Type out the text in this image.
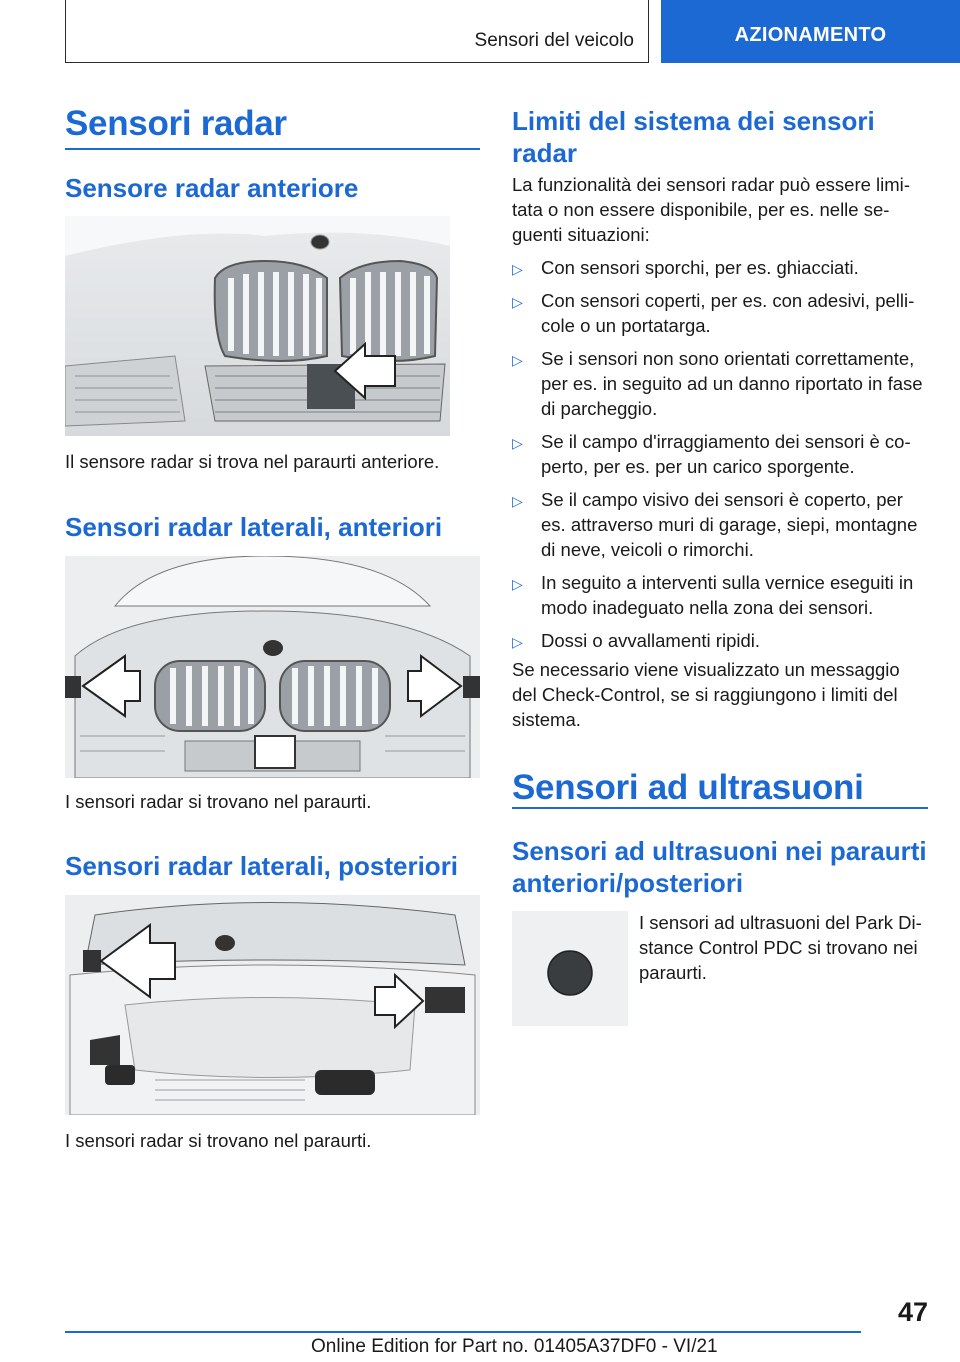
Sensori del veicolo	AZIONAMENTO
Sensori radar
Sensore radar anteriore
Il sensore radar si trova nel paraurti anteriore.
Sensori radar laterali, anteriori
I sensori radar si trovano nel paraurti.
Sensori radar laterali, posteriori
I sensori radar si trovano nel paraurti.
Limiti del sistema dei sensori radar
La funzionalità dei sensori radar può essere limitata o non essere disponibile, per es. nelle seguenti situazioni:
▷ Con sensori sporchi, per es. ghiacciati.
▷ Con sensori coperti, per es. con adesivi, pellicole o un portatarga.
▷ Se i sensori non sono orientati correttamente, per es. in seguito ad un danno riportato in fase di parcheggio.
▷ Se il campo d'irraggiamento dei sensori è coperto, per es. per un carico sporgente.
▷ Se il campo visivo dei sensori è coperto, per es. attraverso muri di garage, siepi, montagne di neve, veicoli o rimorchi.
▷ In seguito a interventi sulla vernice eseguiti in modo inadeguato nella zona dei sensori.
▷ Dossi o avvallamenti ripidi.
Se necessario viene visualizzato un messaggio del Check-Control, se si raggiungono i limiti del sistema.
Sensori ad ultrasuoni
Sensori ad ultrasuoni nei paraurti anteriori/posteriori
I sensori ad ultrasuoni del Park Distance Control PDC si trovano nei paraurti.
47
Online Edition for Part no. 01405A37DF0 - VI/21
